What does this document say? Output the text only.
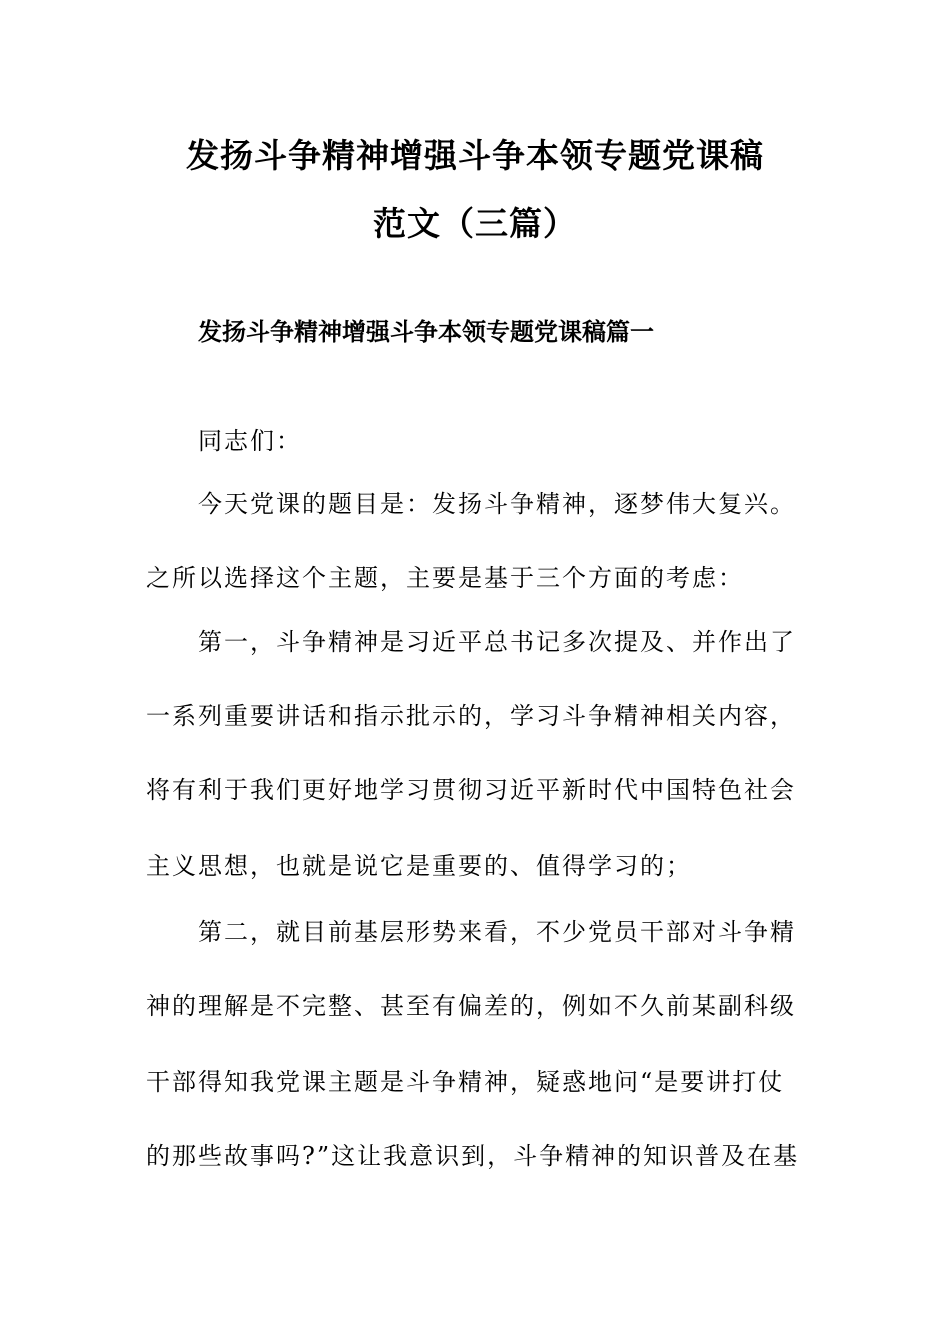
发扬斗争精神增强斗争本领专题党课稿
范文（三篇）
发扬斗争精神增强斗争本领专题党课稿篇一
同志们：
今天党课的题目是：发扬斗争精神，逐梦伟大复兴。
之所以选择这个主题，主要是基于三个方面的考虑：
第一，斗争精神是习近平总书记多次提及、并作出了
一系列重要讲话和指示批示的，学习斗争精神相关内容，
将有利于我们更好地学习贯彻习近平新时代中国特色社会
主义思想，也就是说它是重要的、值得学习的；
第二，就目前基层形势来看，不少党员干部对斗争精
神的理解是不完整、甚至有偏差的，例如不久前某副科级
干部得知我党课主题是斗争精神，疑惑地问“是要讲打仗
的那些故事吗?”这让我意识到，斗争精神的知识普及在基
